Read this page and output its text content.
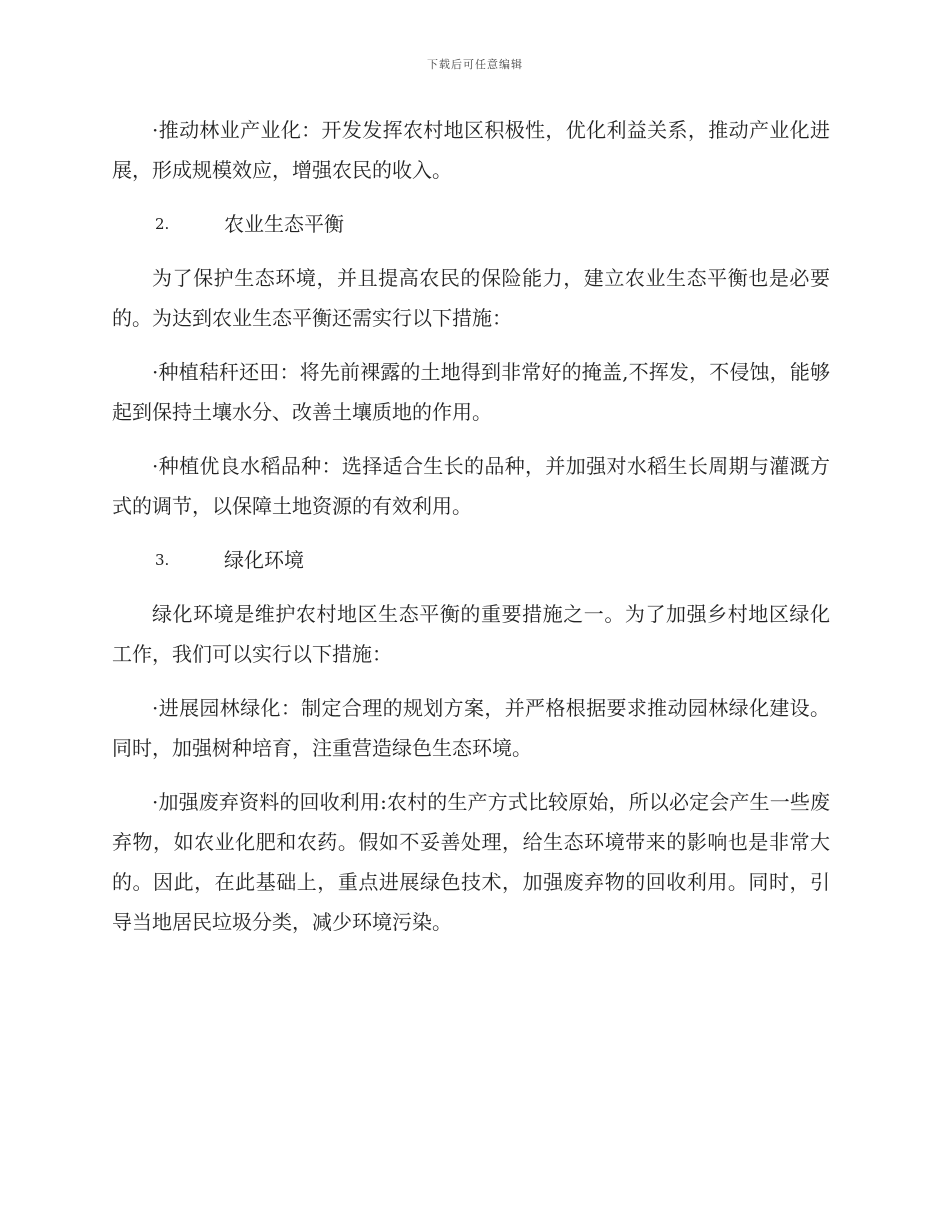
下载后可任意编辑

·推动林业产业化：开发发挥农村地区积极性，优化利益关系，推动产业化进展，形成规模效应，增强农民的收入。

2.	农业生态平衡

为了保护生态环境，并且提高农民的保险能力，建立农业生态平衡也是必要的。为达到农业生态平衡还需实行以下措施：

·种植秸秆还田：将先前裸露的土地得到非常好的掩盖,不挥发，不侵蚀，能够起到保持土壤水分、改善土壤质地的作用。

·种植优良水稻品种：选择适合生长的品种，并加强对水稻生长周期与灌溉方式的调节，以保障土地资源的有效利用。

3.	绿化环境

绿化环境是维护农村地区生态平衡的重要措施之一。为了加强乡村地区绿化工作，我们可以实行以下措施：

·进展园林绿化：制定合理的规划方案，并严格根据要求推动园林绿化建设。同时，加强树种培育，注重营造绿色生态环境。

·加强废弃资料的回收利用:农村的生产方式比较原始，所以必定会产生一些废弃物，如农业化肥和农药。假如不妥善处理，给生态环境带来的影响也是非常大的。因此，在此基础上，重点进展绿色技术，加强废弃物的回收利用。同时，引导当地居民垃圾分类，减少环境污染。
